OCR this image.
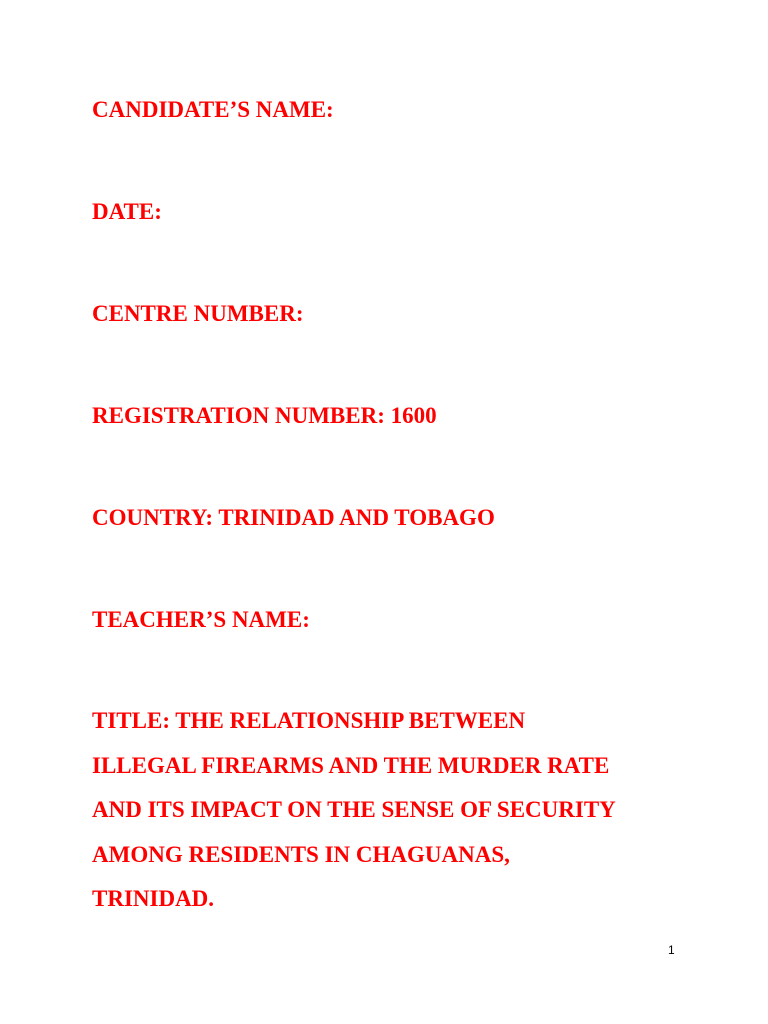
CANDIDATE’S NAME:

DATE:

CENTRE NUMBER:

REGISTRATION NUMBER: 1600

COUNTRY: TRINIDAD AND TOBAGO

TEACHER’S NAME:

TITLE: THE RELATIONSHIP BETWEEN
ILLEGAL FIREARMS AND THE MURDER RATE
AND ITS IMPACT ON THE SENSE OF SECURITY
AMONG RESIDENTS IN CHAGUANAS,
TRINIDAD.
1
